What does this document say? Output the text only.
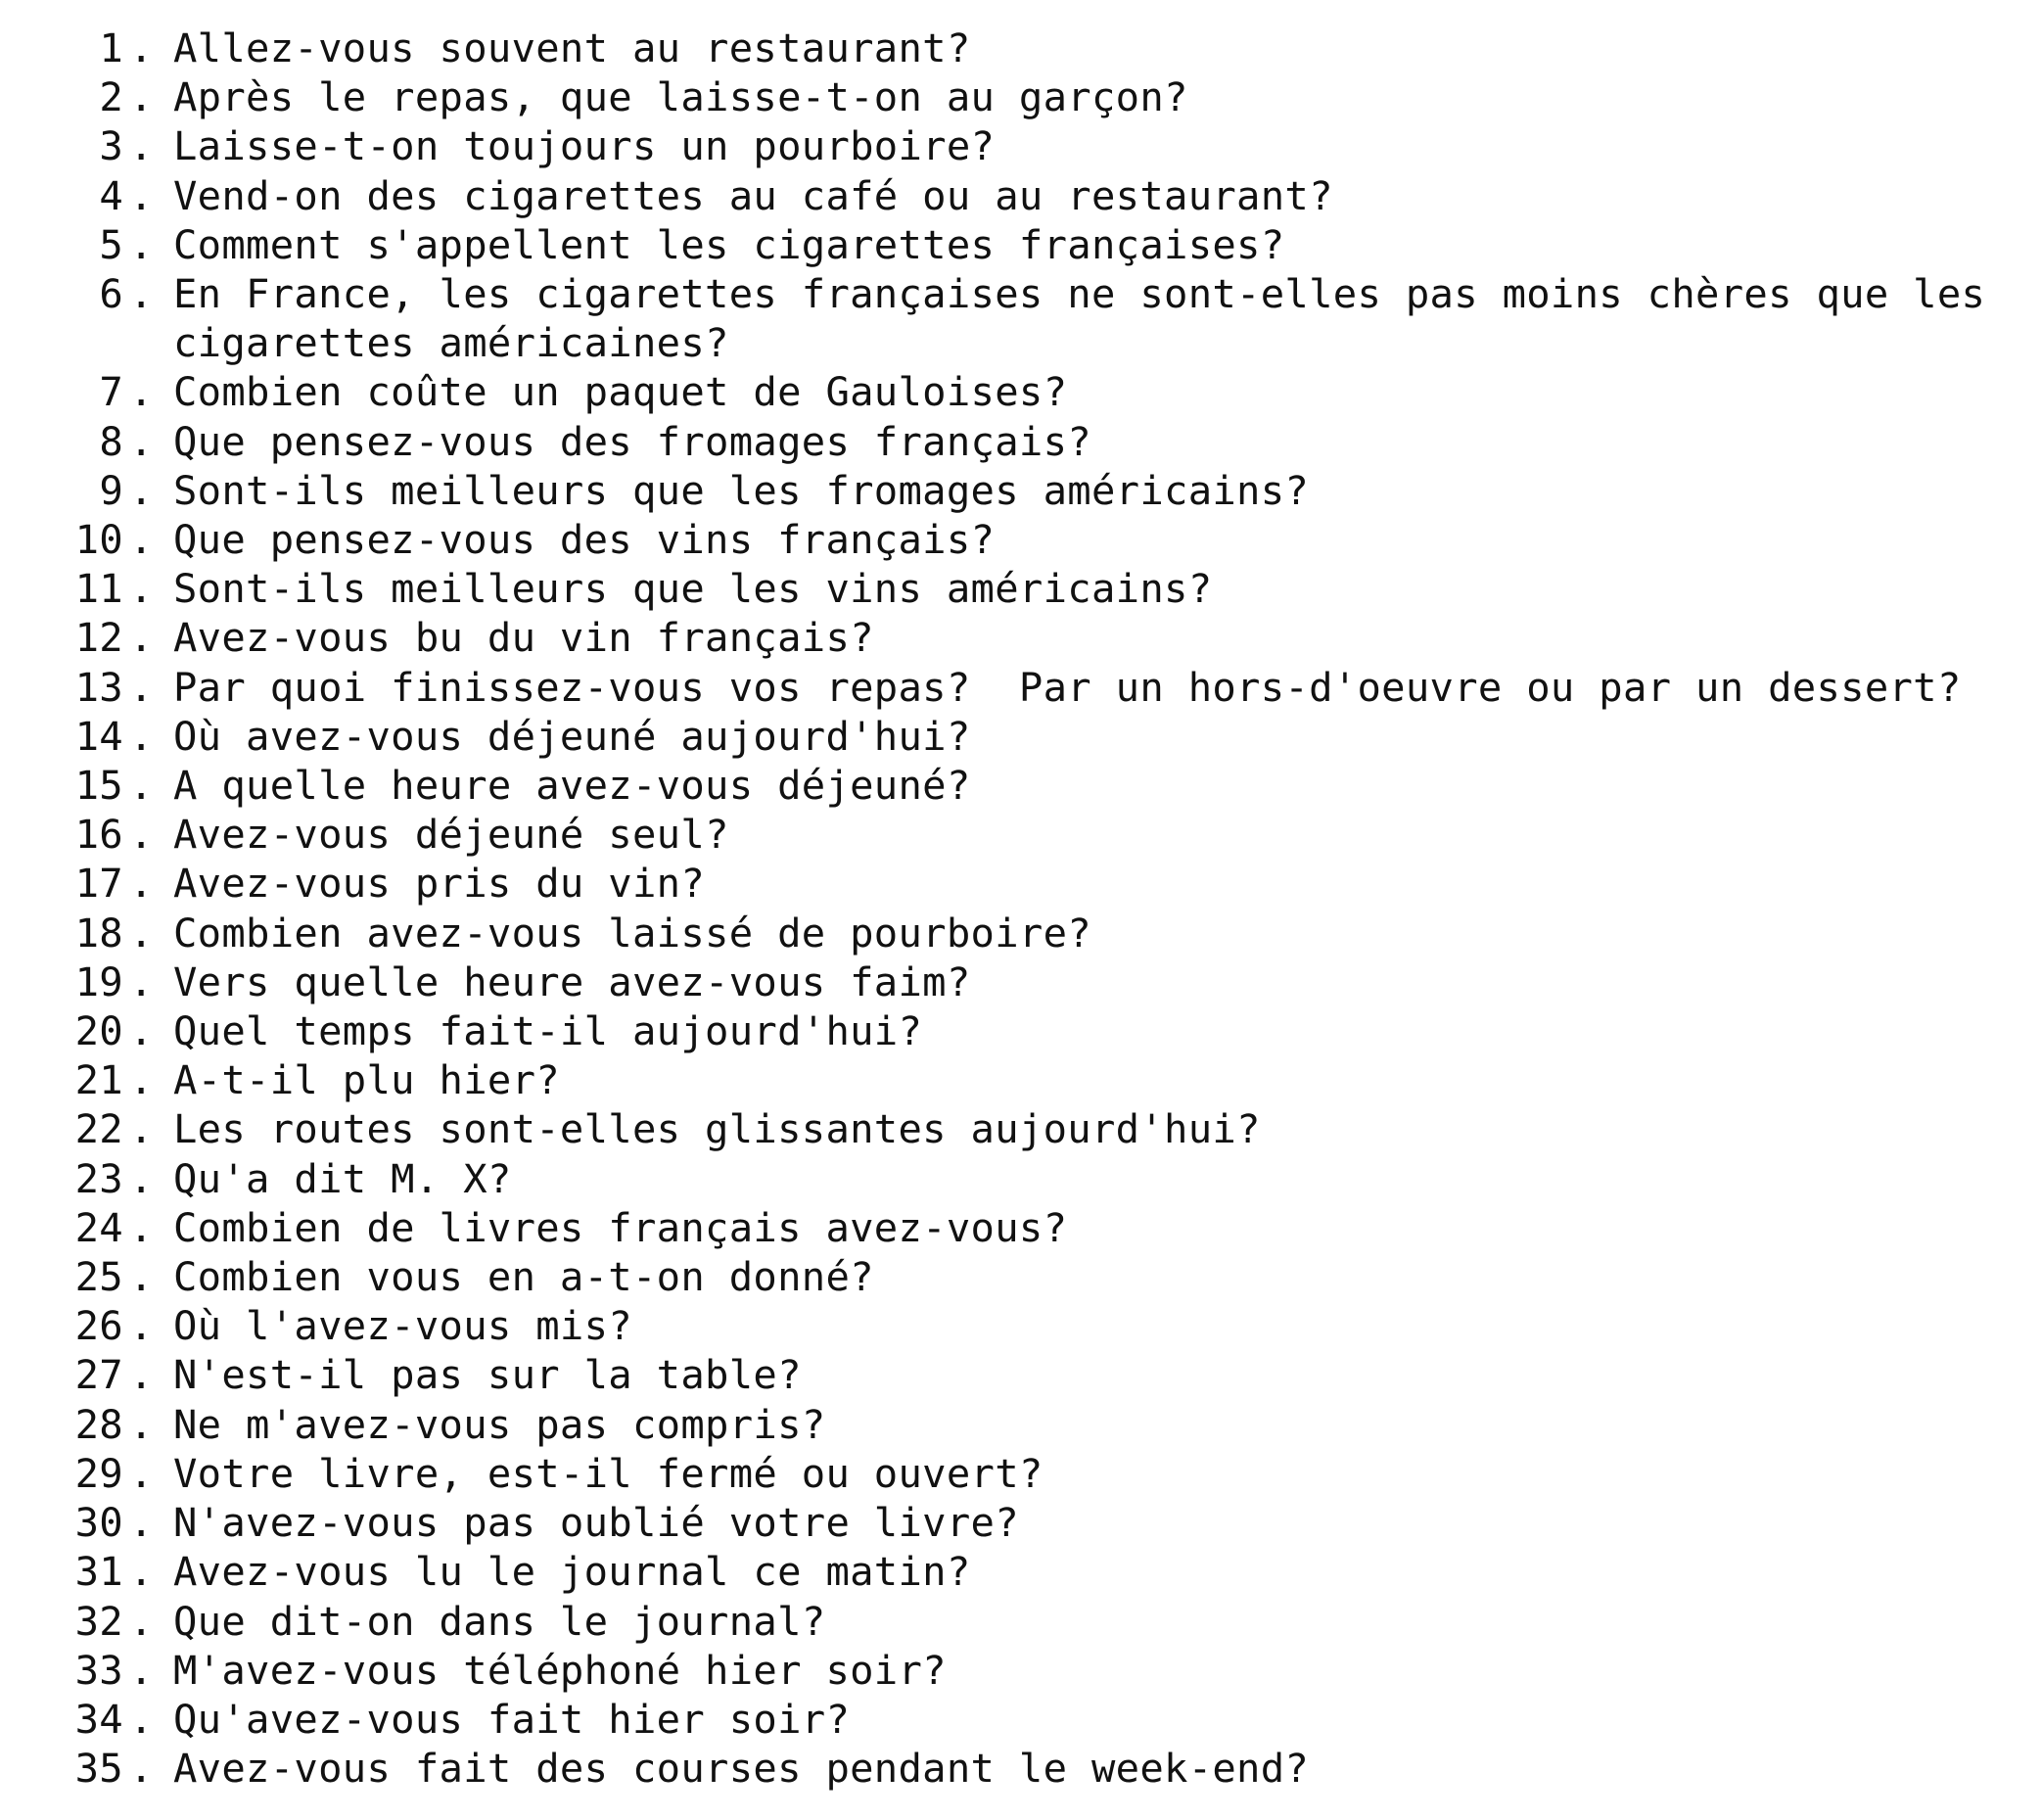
1 . Allez-vous souvent au restaurant?
2 . Après le repas, que laisse-t-on au garçon?
3 . Laisse-t-on toujours un pourboire?
4 . Vend-on des cigarettes au café ou au restaurant?
5 . Comment s'appellent les cigarettes françaises?
6 . En France, les cigarettes françaises ne sont-elles pas moins chères que les cigarettes américaines?
7 . Combien coûte un paquet de Gauloises?
8 . Que pensez-vous des fromages français?
9 . Sont-ils meilleurs que les fromages américains?
10 . Que pensez-vous des vins français?
11 . Sont-ils meilleurs que les vins américains?
12 . Avez-vous bu du vin français?
13 . Par quoi finissez-vous vos repas?  Par un hors-d'oeuvre ou par un dessert?
14 . Où avez-vous déjeuné aujourd'hui?
15 . A quelle heure avez-vous déjeuné?
16 . Avez-vous déjeuné seul?
17 . Avez-vous pris du vin?
18 . Combien avez-vous laissé de pourboire?
19 . Vers quelle heure avez-vous faim?
20 . Quel temps fait-il aujourd'hui?
21 . A-t-il plu hier?
22 . Les routes sont-elles glissantes aujourd'hui?
23 . Qu'a dit M. X?
24 . Combien de livres français avez-vous?
25 . Combien vous en a-t-on donné?
26 . Où l'avez-vous mis?
27 . N'est-il pas sur la table?
28 . Ne m'avez-vous pas compris?
29 . Votre livre, est-il fermé ou ouvert?
30 . N'avez-vous pas oublié votre livre?
31 . Avez-vous lu le journal ce matin?
32 . Que dit-on dans le journal?
33 . M'avez-vous téléphoné hier soir?
34 . Qu'avez-vous fait hier soir?
35 . Avez-vous fait des courses pendant le week-end?
